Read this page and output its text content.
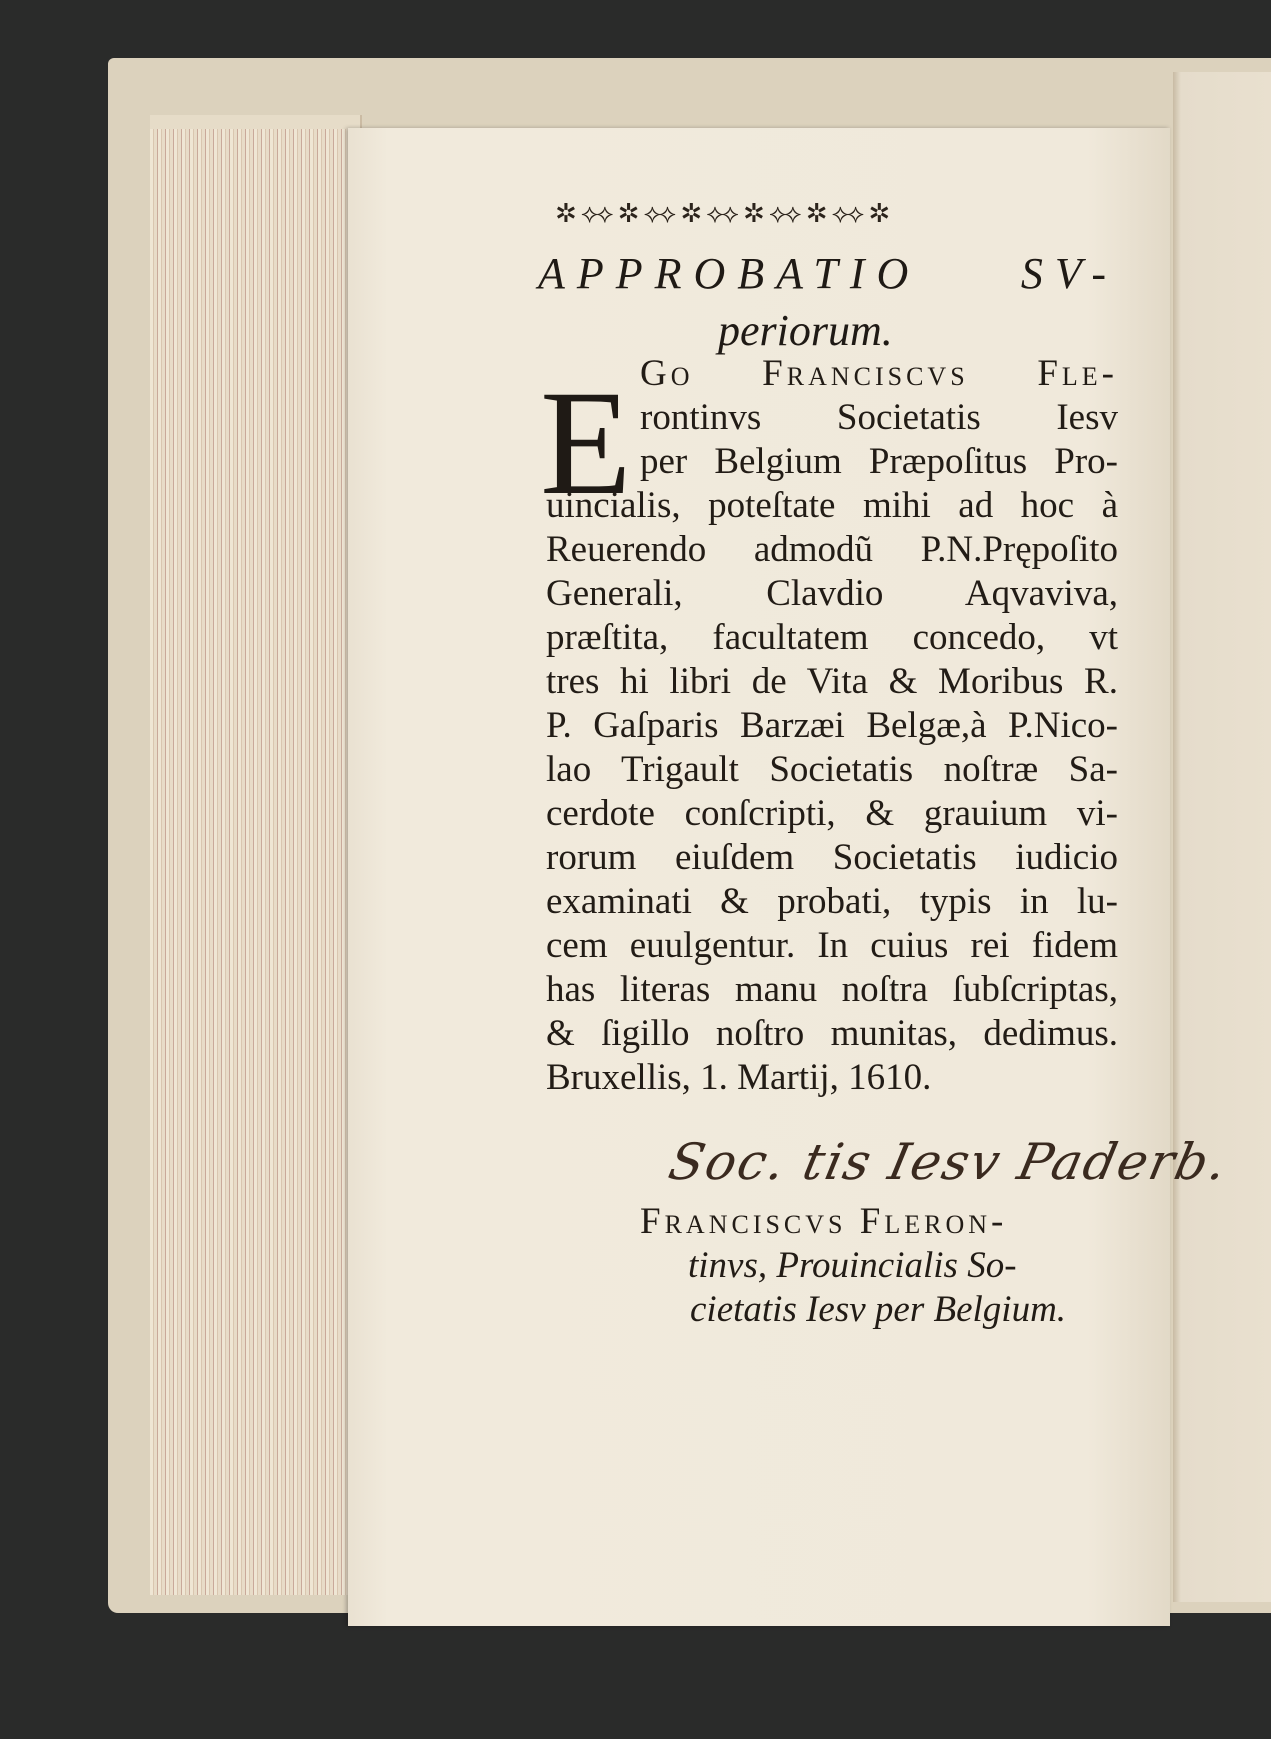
✲ ⟡⟡ ✲ ⟡⟡ ✲ ⟡⟡ ✲ ⟡⟡ ✲ ⟡⟡ ✲
APPROBATIO SV-
periorum.
E Go Franciscvs Fle-
rontinvs Societatis Iesv
per Belgium Præpoſitus Pro-
uincialis, poteſtate mihi ad hoc à
Reuerendo admodũ P.N.Prępoſito
Generali, Clavdio Aqvaviva,
præſtita, facultatem concedo, vt
tres hi libri de Vita & Moribus R.
P. Gaſparis Barzæi Belgæ,à P.Nico-
lao Trigault Societatis noſtræ Sa-
cerdote conſcripti, & grauium vi-
rorum eiuſdem Societatis iudicio
examinati & probati, typis in lu-
cem euulgentur. In cuius rei fidem
has literas manu noſtra ſubſcriptas,
& ſigillo noſtro munitas, dedimus.
Bruxellis, 1. Martij, 1610.
Soc. tis Iesv Paderb.
Franciscvs Fleron-
tinvs, Prouincialis So-
cietatis Iesv per Belgium.
